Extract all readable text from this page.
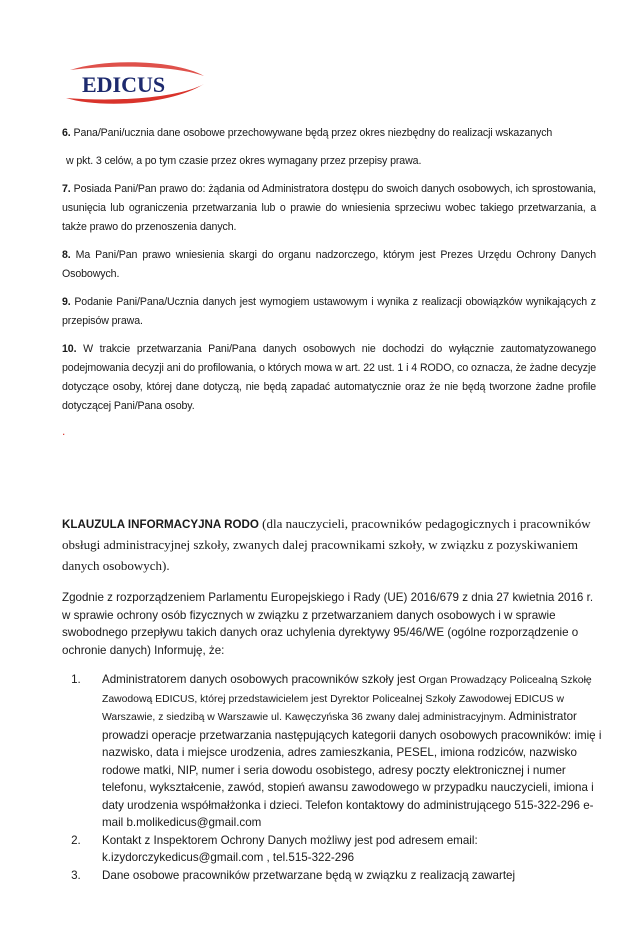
EDICUS

6. Pana/Pani/ucznia dane osobowe przechowywane będą przez okres niezbędny do realizacji wskazanych

w pkt. 3 celów, a po tym czasie przez okres wymagany przez przepisy prawa.

7. Posiada Pani/Pan prawo do: żądania od Administratora dostępu do swoich danych osobowych, ich sprostowania, usunięcia lub ograniczenia przetwarzania lub o prawie do wniesienia sprzeciwu wobec takiego przetwarzania, a także prawo do przenoszenia danych.

8. Ma Pani/Pan prawo wniesienia skargi do organu nadzorczego, którym jest Prezes Urzędu Ochrony Danych Osobowych.

9. Podanie Pani/Pana/Ucznia danych jest wymogiem ustawowym i wynika z realizacji obowiązków wynikających z przepisów prawa.

10. W trakcie przetwarzania Pani/Pana danych osobowych nie dochodzi do wyłącznie zautomatyzowanego podejmowania decyzji ani do profilowania, o których mowa w art. 22 ust. 1 i 4 RODO, co oznacza, że żadne decyzje dotyczące osoby, której dane dotyczą, nie będą zapadać automatycznie oraz że nie będą tworzone żadne profile dotyczącej Pani/Pana osoby.

.

KLAUZULA INFORMACYJNA RODO (dla nauczycieli, pracowników pedagogicznych i pracowników obsługi administracyjnej szkoły, zwanych dalej pracownikami szkoły, w związku z pozyskiwaniem danych osobowych).

Zgodnie z rozporządzeniem Parlamentu Europejskiego i Rady (UE) 2016/679 z dnia 27 kwietnia 2016 r. w sprawie ochrony osób fizycznych w związku z przetwarzaniem danych osobowych i w sprawie swobodnego przepływu takich danych oraz uchylenia dyrektywy 95/46/WE (ogólne rozporządzenie o ochronie danych) Informuję, że:

1. Administratorem danych osobowych pracowników szkoły jest Organ Prowadzący Policealną Szkołę Zawodową EDICUS, której przedstawicielem jest Dyrektor Policealnej Szkoły Zawodowej EDICUS w Warszawie, z siedzibą w Warszawie ul. Kawęczyńska 36 zwany dalej administracyjnym. Administrator prowadzi operacje przetwarzania następujących kategorii danych osobowych pracowników: imię i nazwisko, data i miejsce urodzenia, adres zamieszkania, PESEL, imiona rodziców, nazwisko rodowe matki, NIP, numer i seria dowodu osobistego, adresy poczty elektronicznej i numer telefonu, wykształcenie, zawód, stopień awansu zawodowego w przypadku nauczycieli, imiona i daty urodzenia współmałżonka i dzieci. Telefon kontaktowy do administrującego 515-322-296 e- mail b.molikedicus@gmail.com
2. Kontakt z Inspektorem Ochrony Danych możliwy jest pod adresem email: k.izydorczykedicus@gmail.com , tel.515-322-296
3. Dane osobowe pracowników przetwarzane będą w związku z realizacją zawartej
